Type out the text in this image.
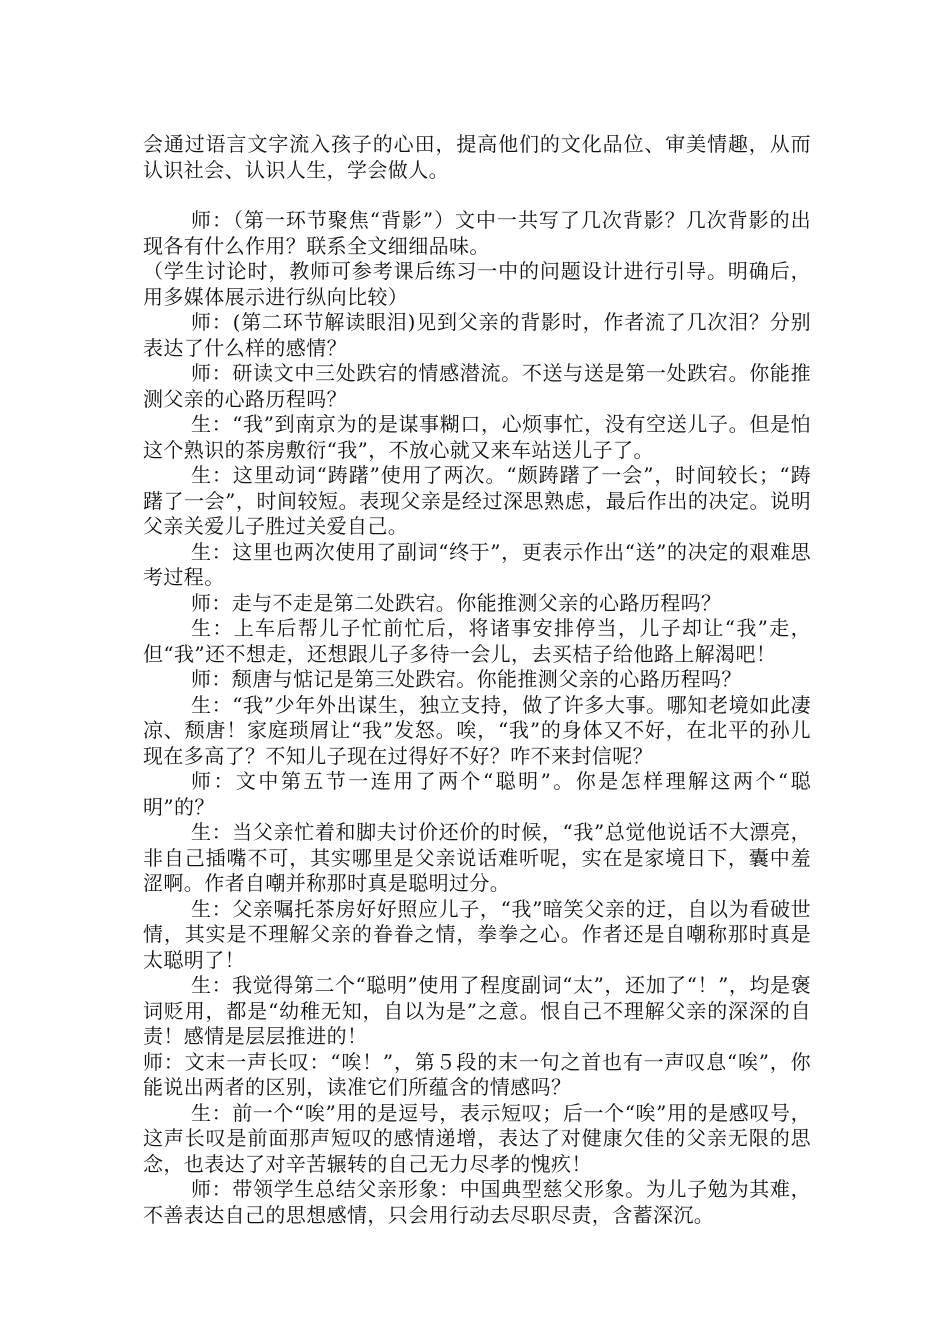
会通过语言文字流入孩子的心田，提高他们的文化品位、审美情趣，从而认识社会、认识人生，学会做人。

师：（第一环节聚焦“背影”）文中一共写了几次背影？几次背影的出现各有什么作用？联系全文细细品味。

（学生讨论时，教师可参考课后练习一中的问题设计进行引导。明确后，用多媒体展示进行纵向比较）

师：(第二环节解读眼泪)见到父亲的背影时，作者流了几次泪？分别表达了什么样的感情？

师：研读文中三处跌宕的情感潜流。不送与送是第一处跌宕。你能推测父亲的心路历程吗？

生：“我”到南京为的是谋事糊口，心烦事忙，没有空送儿子。但是怕这个熟识的茶房敷衍“我”，不放心就又来车站送儿子了。

生：这里动词“踌躇”使用了两次。“颇踌躇了一会”，时间较长；“踌躇了一会”，时间较短。表现父亲是经过深思熟虑，最后作出的决定。说明父亲关爱儿子胜过关爱自己。

生：这里也两次使用了副词“终于”，更表示作出“送”的决定的艰难思考过程。

师：走与不走是第二处跌宕。你能推测父亲的心路历程吗？

生：上车后帮儿子忙前忙后，将诸事安排停当，儿子却让“我”走，但“我”还不想走，还想跟儿子多待一会儿，去买桔子给他路上解渴吧！

师：颓唐与惦记是第三处跌宕。你能推测父亲的心路历程吗？

生：“我”少年外出谋生，独立支持，做了许多大事。哪知老境如此凄凉、颓唐！家庭琐屑让“我”发怒。唉，“我”的身体又不好，在北平的孙儿现在多高了？不知儿子现在过得好不好？咋不来封信呢？

师：文中第五节一连用了两个“聪明”。你是怎样理解这两个“聪明”的？

生：当父亲忙着和脚夫讨价还价的时候，“我”总觉他说话不大漂亮，非自己插嘴不可，其实哪里是父亲说话难听呢，实在是家境日下，囊中羞涩啊。作者自嘲并称那时真是聪明过分。

生：父亲嘱托茶房好好照应儿子，“我”暗笑父亲的迂，自以为看破世情，其实是不理解父亲的眷眷之情，拳拳之心。作者还是自嘲称那时真是太聪明了！

生：我觉得第二个“聪明”使用了程度副词“太”，还加了“！”，均是褒词贬用，都是“幼稚无知，自以为是”之意。恨自己不理解父亲的深深的自责！感情是层层推进的！

师：文末一声长叹：“唉！”，第５段的末一句之首也有一声叹息“唉”，你能说出两者的区别，读准它们所蕴含的情感吗？

生：前一个“唉”用的是逗号，表示短叹；后一个“唉”用的是感叹号，这声长叹是前面那声短叹的感情递增，表达了对健康欠佳的父亲无限的思念，也表达了对辛苦辗转的自己无力尽孝的愧疚！

师：带领学生总结父亲形象：中国典型慈父形象。为儿子勉为其难，不善表达自己的思想感情，只会用行动去尽职尽责，含蓄深沉。
